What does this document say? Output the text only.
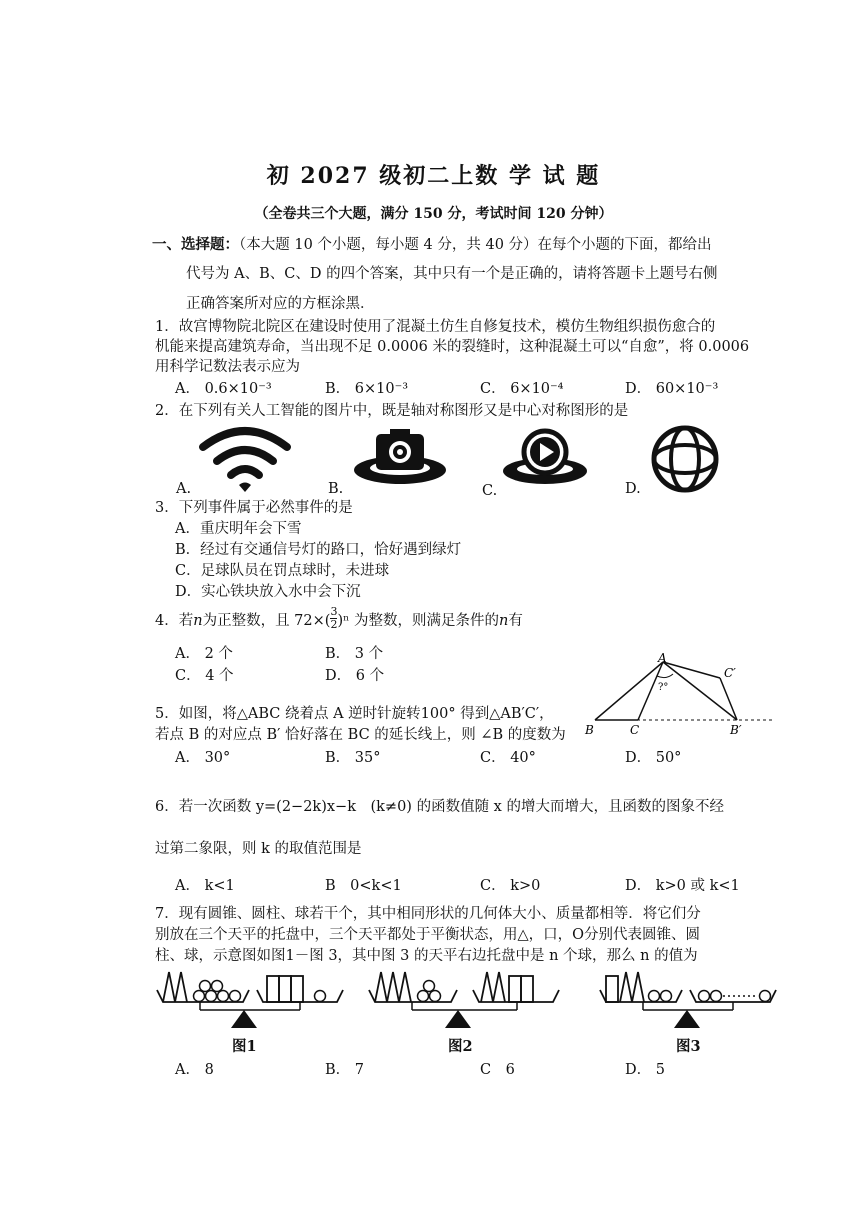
初 2027 级初二上数 学 试 题
（全卷共三个大题，满分 150 分，考试时间 120 分钟）
一、选择题：（本大题 10 个小题，每小题 4 分，共 40 分）在每个小题的下面，都给出
代号为 A、B、C、D 的四个答案，其中只有一个是正确的，请将答题卡上题号右侧
正确答案所对应的方框涂黑．
1．故宫博物院北院区在建设时使用了混凝土仿生自修复技术，模仿生物组织损伤愈合的
机能来提高建筑寿命，当出现不足 0.0006 米的裂缝时，这种混凝土可以“自愈”，将 0.0006
用科学记数法表示应为
A． 0.6×10⁻³	B． 6×10⁻³	C． 6×10⁻⁴	D． 60×10⁻³
2．在下列有关人工智能的图片中，既是轴对称图形又是中心对称图形的是
A.	B.	C.	D.
3．下列事件属于必然事件的是
A．重庆明年会下雪
B．经过有交通信号灯的路口，恰好遇到绿灯
C．足球队员在罚点球时，未进球
D．实心铁块放入水中会下沉
4．若n为正整数，且 $72\times( \frac{3}{2} )^n$ 为整数，则满足条件的n有
A． 2 个	B． 3 个
C． 4 个	D． 6 个
A
B	C	B′
C′
?°
5．如图，将△ABC 绕着点 A 逆时针旋转100° 得到△AB′C′，
若点 B 的对应点 B′ 恰好落在 BC 的延长线上，则 ∠B 的度数为
A． 30°	B． 35°	C． 40°	D． 50°
6．若一次函数 y=(2−2k)x−k　(k≠0) 的函数值随 x 的增大而增大，且函数的图象不经
过第二象限，则 k 的取值范围是
A． k<1	B　0<k<1	C． k>0	D． k>0 或 k<1
7．现有圆锥、圆柱、球若干个，其中相同形状的几何体大小、质量都相等．将它们分
别放在三个天平的托盘中，三个天平都处于平衡状态，用△，口，O分别代表圆锥、圆
柱、球，示意图如图1－图 3，其中图 3 的天平右边托盘中是 n 个球，那么 n 的值为
图1	图2	图3
A． 8	B． 7	C　6	D． 5
